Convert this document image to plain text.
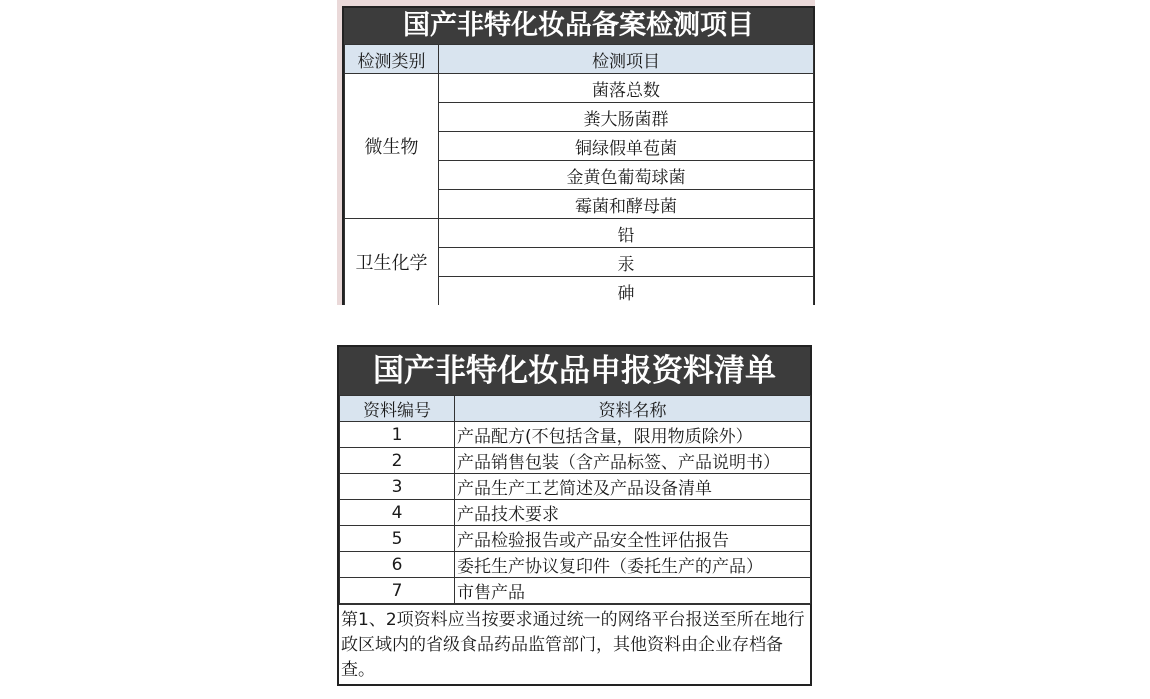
国产非特化妆品备案检测项目
检测类别	检测项目
微生物	菌落总数
	粪大肠菌群
	铜绿假单苞菌
	金黄色葡萄球菌
	霉菌和酵母菌
卫生化学	铅
	汞
	砷
国产非特化妆品申报资料清单
资料编号	资料名称
1	产品配方(不包括含量，限用物质除外）
2	产品销售包装（含产品标签、产品说明书）
3	产品生产工艺简述及产品设备清单
4	产品技术要求
5	产品检验报告或产品安全性评估报告
6	委托生产协议复印件（委托生产的产品）
7	市售产品
第1、2项资料应当按要求通过统一的网络平台报送至所在地行政区域内的省级食品药品监管部门，其他资料由企业存档备查。
